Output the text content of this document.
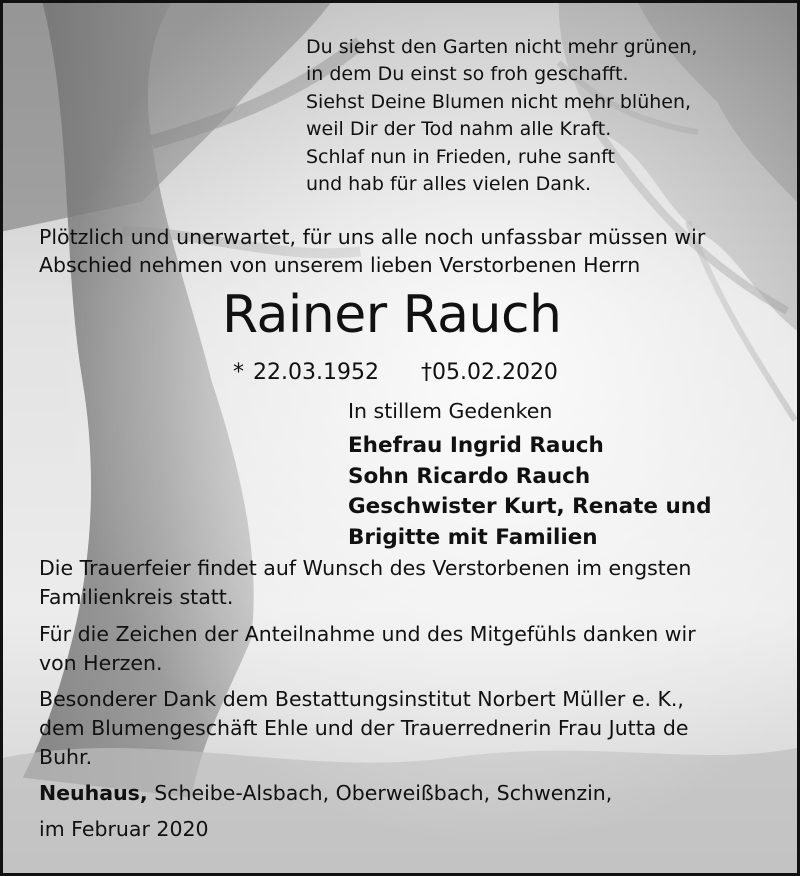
Du siehst den Garten nicht mehr grünen,
in dem Du einst so froh geschafft.
Siehst Deine Blumen nicht mehr blühen,
weil Dir der Tod nahm alle Kraft.
Schlaf nun in Frieden, ruhe sanft
und hab für alles vielen Dank.
Plötzlich und unerwartet, für uns alle noch unfassbar müssen wir
Abschied nehmen von unserem lieben Verstorbenen Herrn
Rainer Rauch
* 22.03.1952 †05.02.2020
In stillem Gedenken
Ehefrau Ingrid Rauch
Sohn Ricardo Rauch
Geschwister Kurt, Renate und
Brigitte mit Familien
Die Trauerfeier findet auf Wunsch des Verstorbenen im engsten
Familienkreis statt.
Für die Zeichen der Anteilnahme und des Mitgefühls danken wir
von Herzen.
Besonderer Dank dem Bestattungsinstitut Norbert Müller e. K.,
dem Blumengeschäft Ehle und der Trauerrednerin Frau Jutta de
Buhr.
Neuhaus, Scheibe-Alsbach, Oberweißbach, Schwenzin,
im Februar 2020
